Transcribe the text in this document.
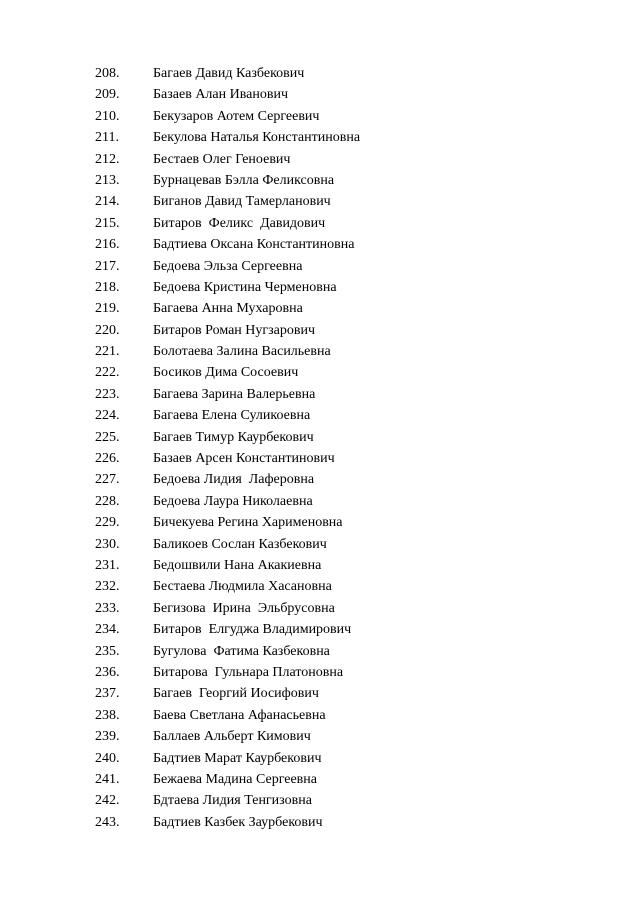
208. Багаев Давид Казбекович
209. Базаев Алан Иванович
210. Бекузаров Аотем Сергеевич
211. Бекулова Наталья Константиновна
212. Бестаев Олег Геноевич
213. Бурнацевав Бэлла Феликсовна
214. Биганов Давид Тамерланович
215. Битаров  Феликс  Давидович
216. Бадтиева Оксана Константиновна
217. Бедоева Эльза Сергеевна
218. Бедоева Кристина Черменовна
219. Багаева Анна Мухаровна
220. Битаров Роман Нугзарович
221. Болотаева Залина Васильевна
222. Босиков Дима Сосоевич
223. Багаева Зарина Валерьевна
224. Багаева Елена Суликоевна
225. Багаев Тимур Каурбекович
226. Базаев Арсен Константинович
227. Бедоева Лидия  Лаферовна
228. Бедоева Лаура Николаевна
229. Бичекуева Регина Харименовна
230. Баликоев Сослан Казбекович
231. Бедошвили Нана Акакиевна
232. Бестаева Людмила Хасановна
233. Бегизова  Ирина  Эльбрусовна
234. Битаров  Елгуджа Владимирович
235. Бугулова  Фатима Казбековна
236. Битарова  Гульнара Платоновна
237. Багаев  Георгий Иосифович
238. Баева Светлана Афанасьевна
239. Баллаев Альберт Кимович
240. Бадтиев Марат Каурбекович
241. Бежаева Мадина Сергеевна
242. Бдтаева Лидия Тенгизовна
243. Бадтиев Казбек Заурбекович
